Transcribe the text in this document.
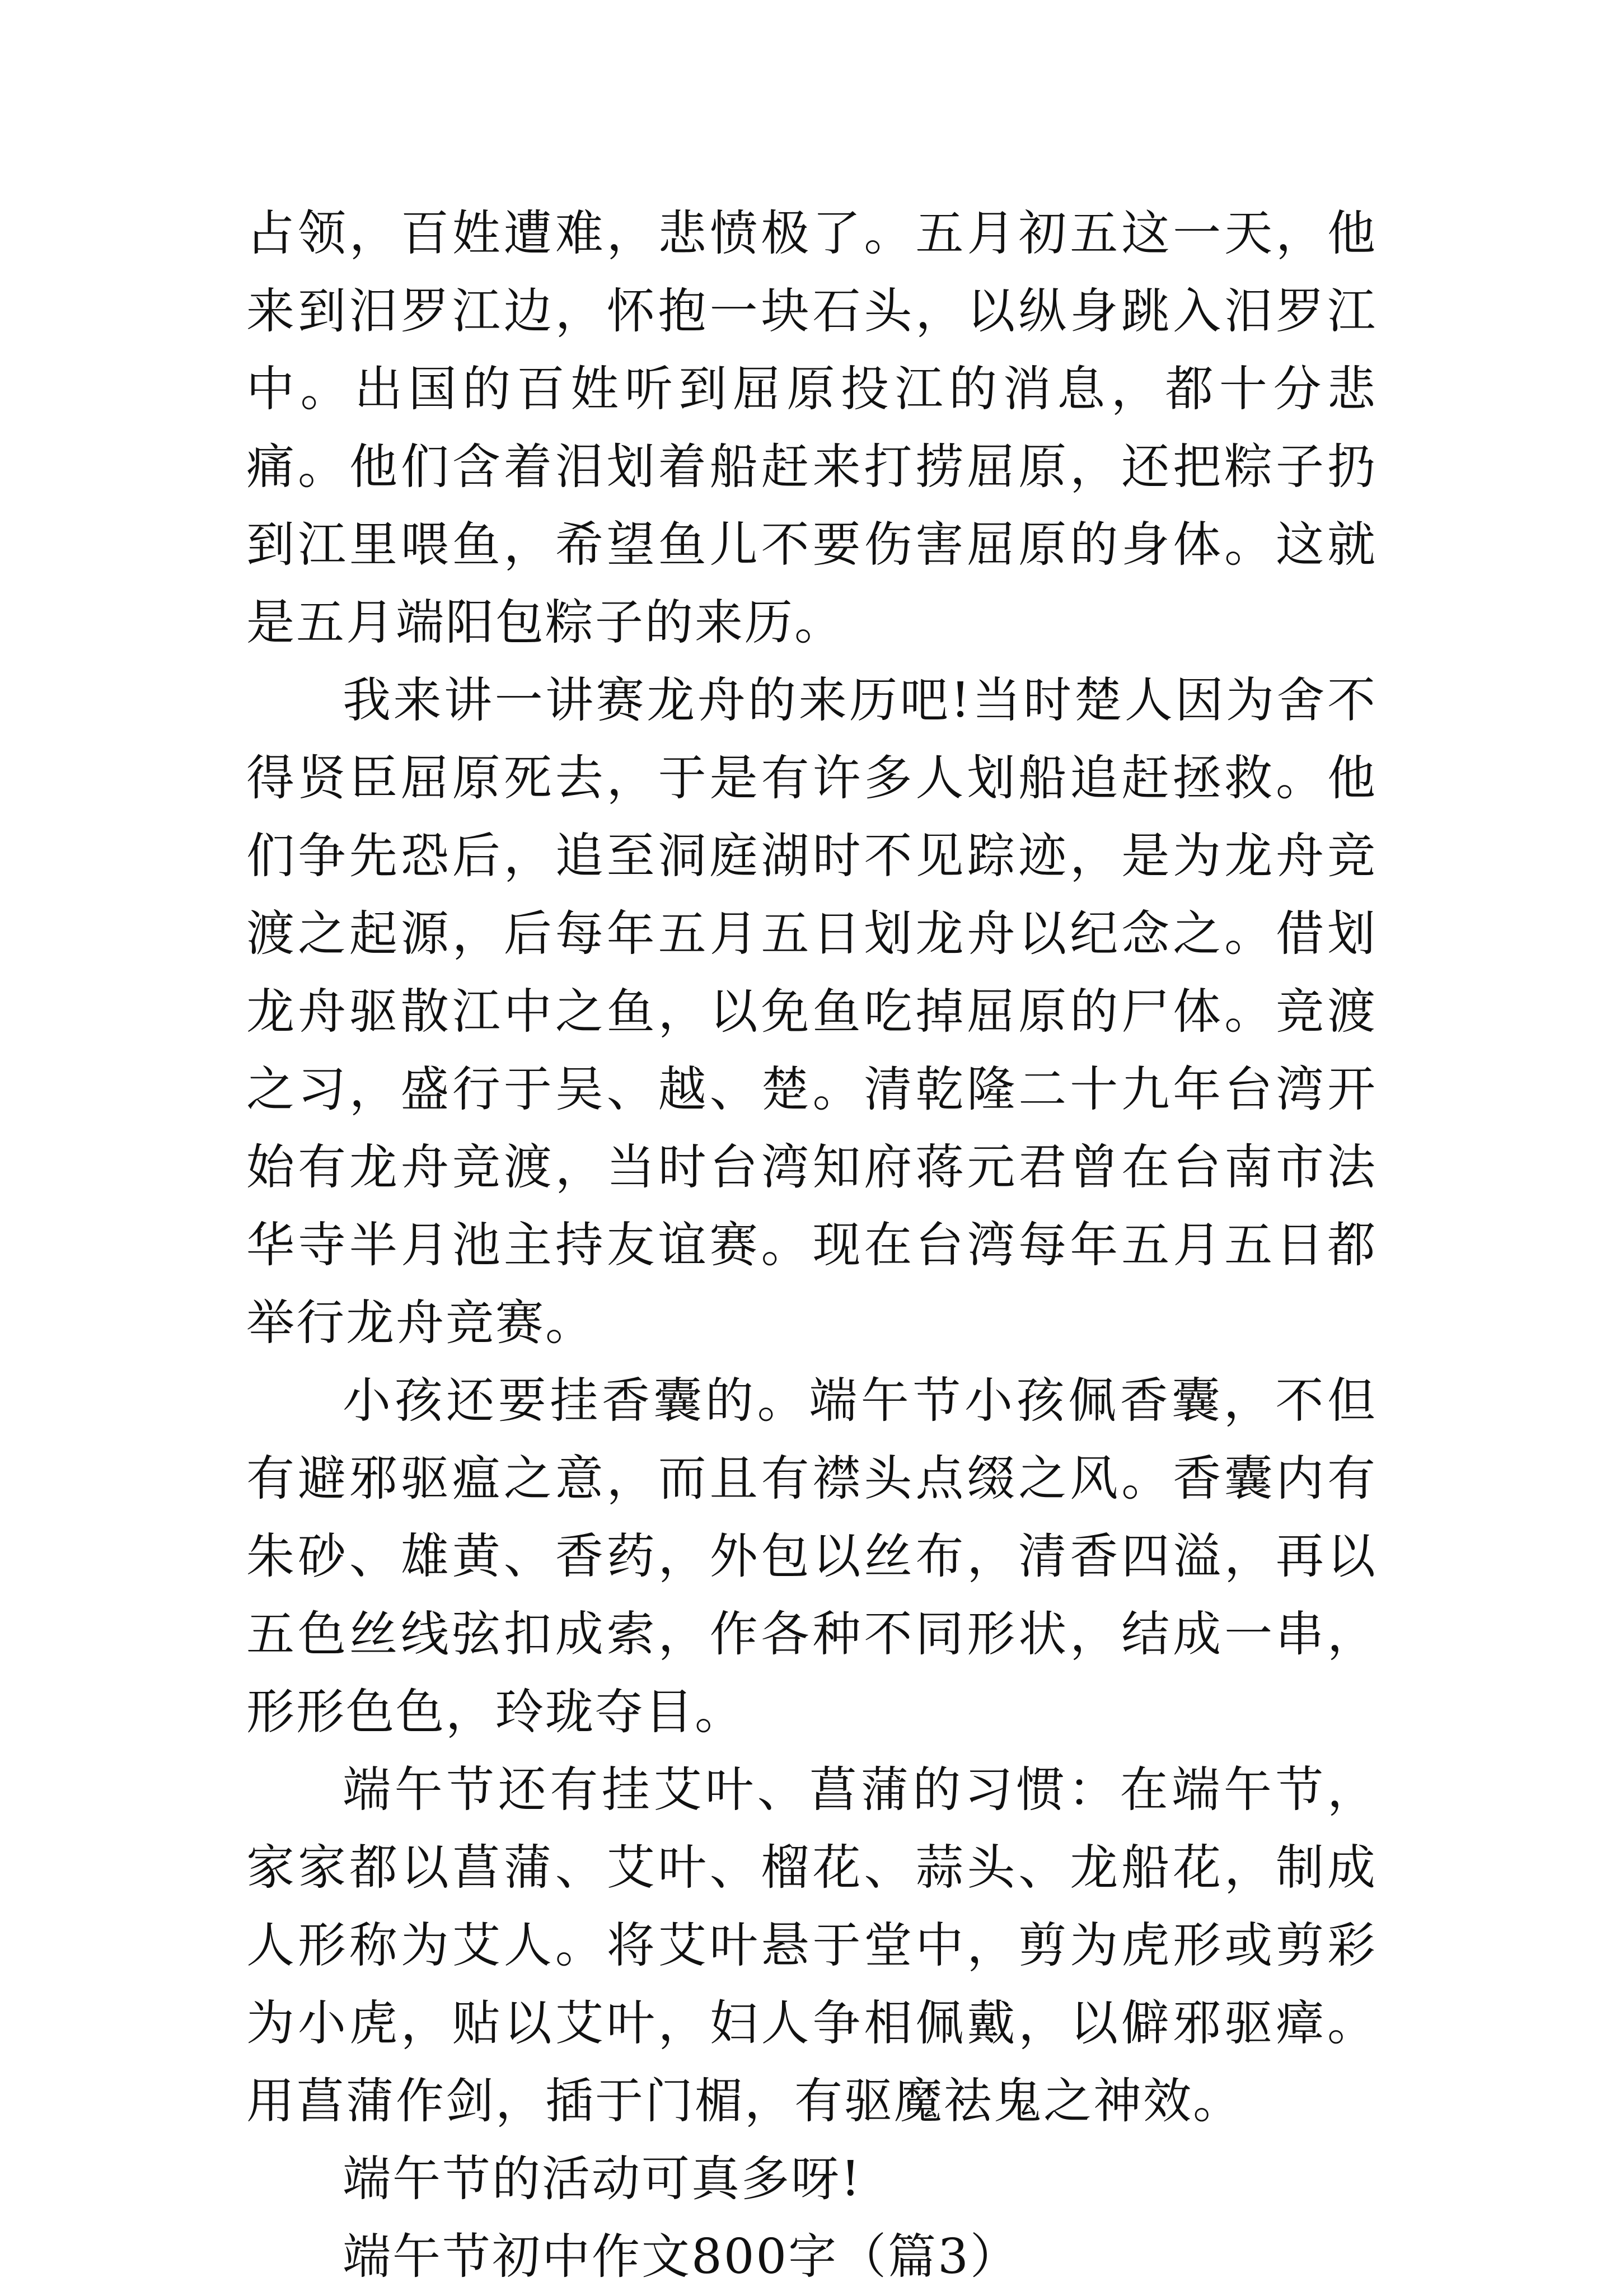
占领，百姓遭难，悲愤极了。五月初五这一天，他来到汨罗江边，怀抱一块石头，以纵身跳入汨罗江中。出国的百姓听到屈原投江的消息，都十分悲痛。他们含着泪划着船赶来打捞屈原，还把粽子扔到江里喂鱼，希望鱼儿不要伤害屈原的身体。这就是五月端阳包粽子的来历。

我来讲一讲赛龙舟的来历吧!当时楚人因为舍不得贤臣屈原死去，于是有许多人划船追赶拯救。他们争先恐后，追至洞庭湖时不见踪迹，是为龙舟竞渡之起源，后每年五月五日划龙舟以纪念之。借划龙舟驱散江中之鱼，以免鱼吃掉屈原的尸体。竞渡之习，盛行于吴、越、楚。清乾隆二十九年台湾开始有龙舟竞渡，当时台湾知府蒋元君曾在台南市法华寺半月池主持友谊赛。现在台湾每年五月五日都举行龙舟竞赛。

小孩还要挂香囊的。端午节小孩佩香囊，不但有避邪驱瘟之意，而且有襟头点缀之风。香囊内有朱砂、雄黄、香药，外包以丝布，清香四溢，再以五色丝线弦扣成索，作各种不同形状，结成一串，形形色色，玲珑夺目。

端午节还有挂艾叶、菖蒲的习惯：在端午节，家家都以菖蒲、艾叶、榴花、蒜头、龙船花，制成人形称为艾人。将艾叶悬于堂中，剪为虎形或剪彩为小虎，贴以艾叶，妇人争相佩戴，以僻邪驱瘴。用菖蒲作剑，插于门楣，有驱魔祛鬼之神效。

端午节的活动可真多呀!

端午节初中作文800字（篇3）
